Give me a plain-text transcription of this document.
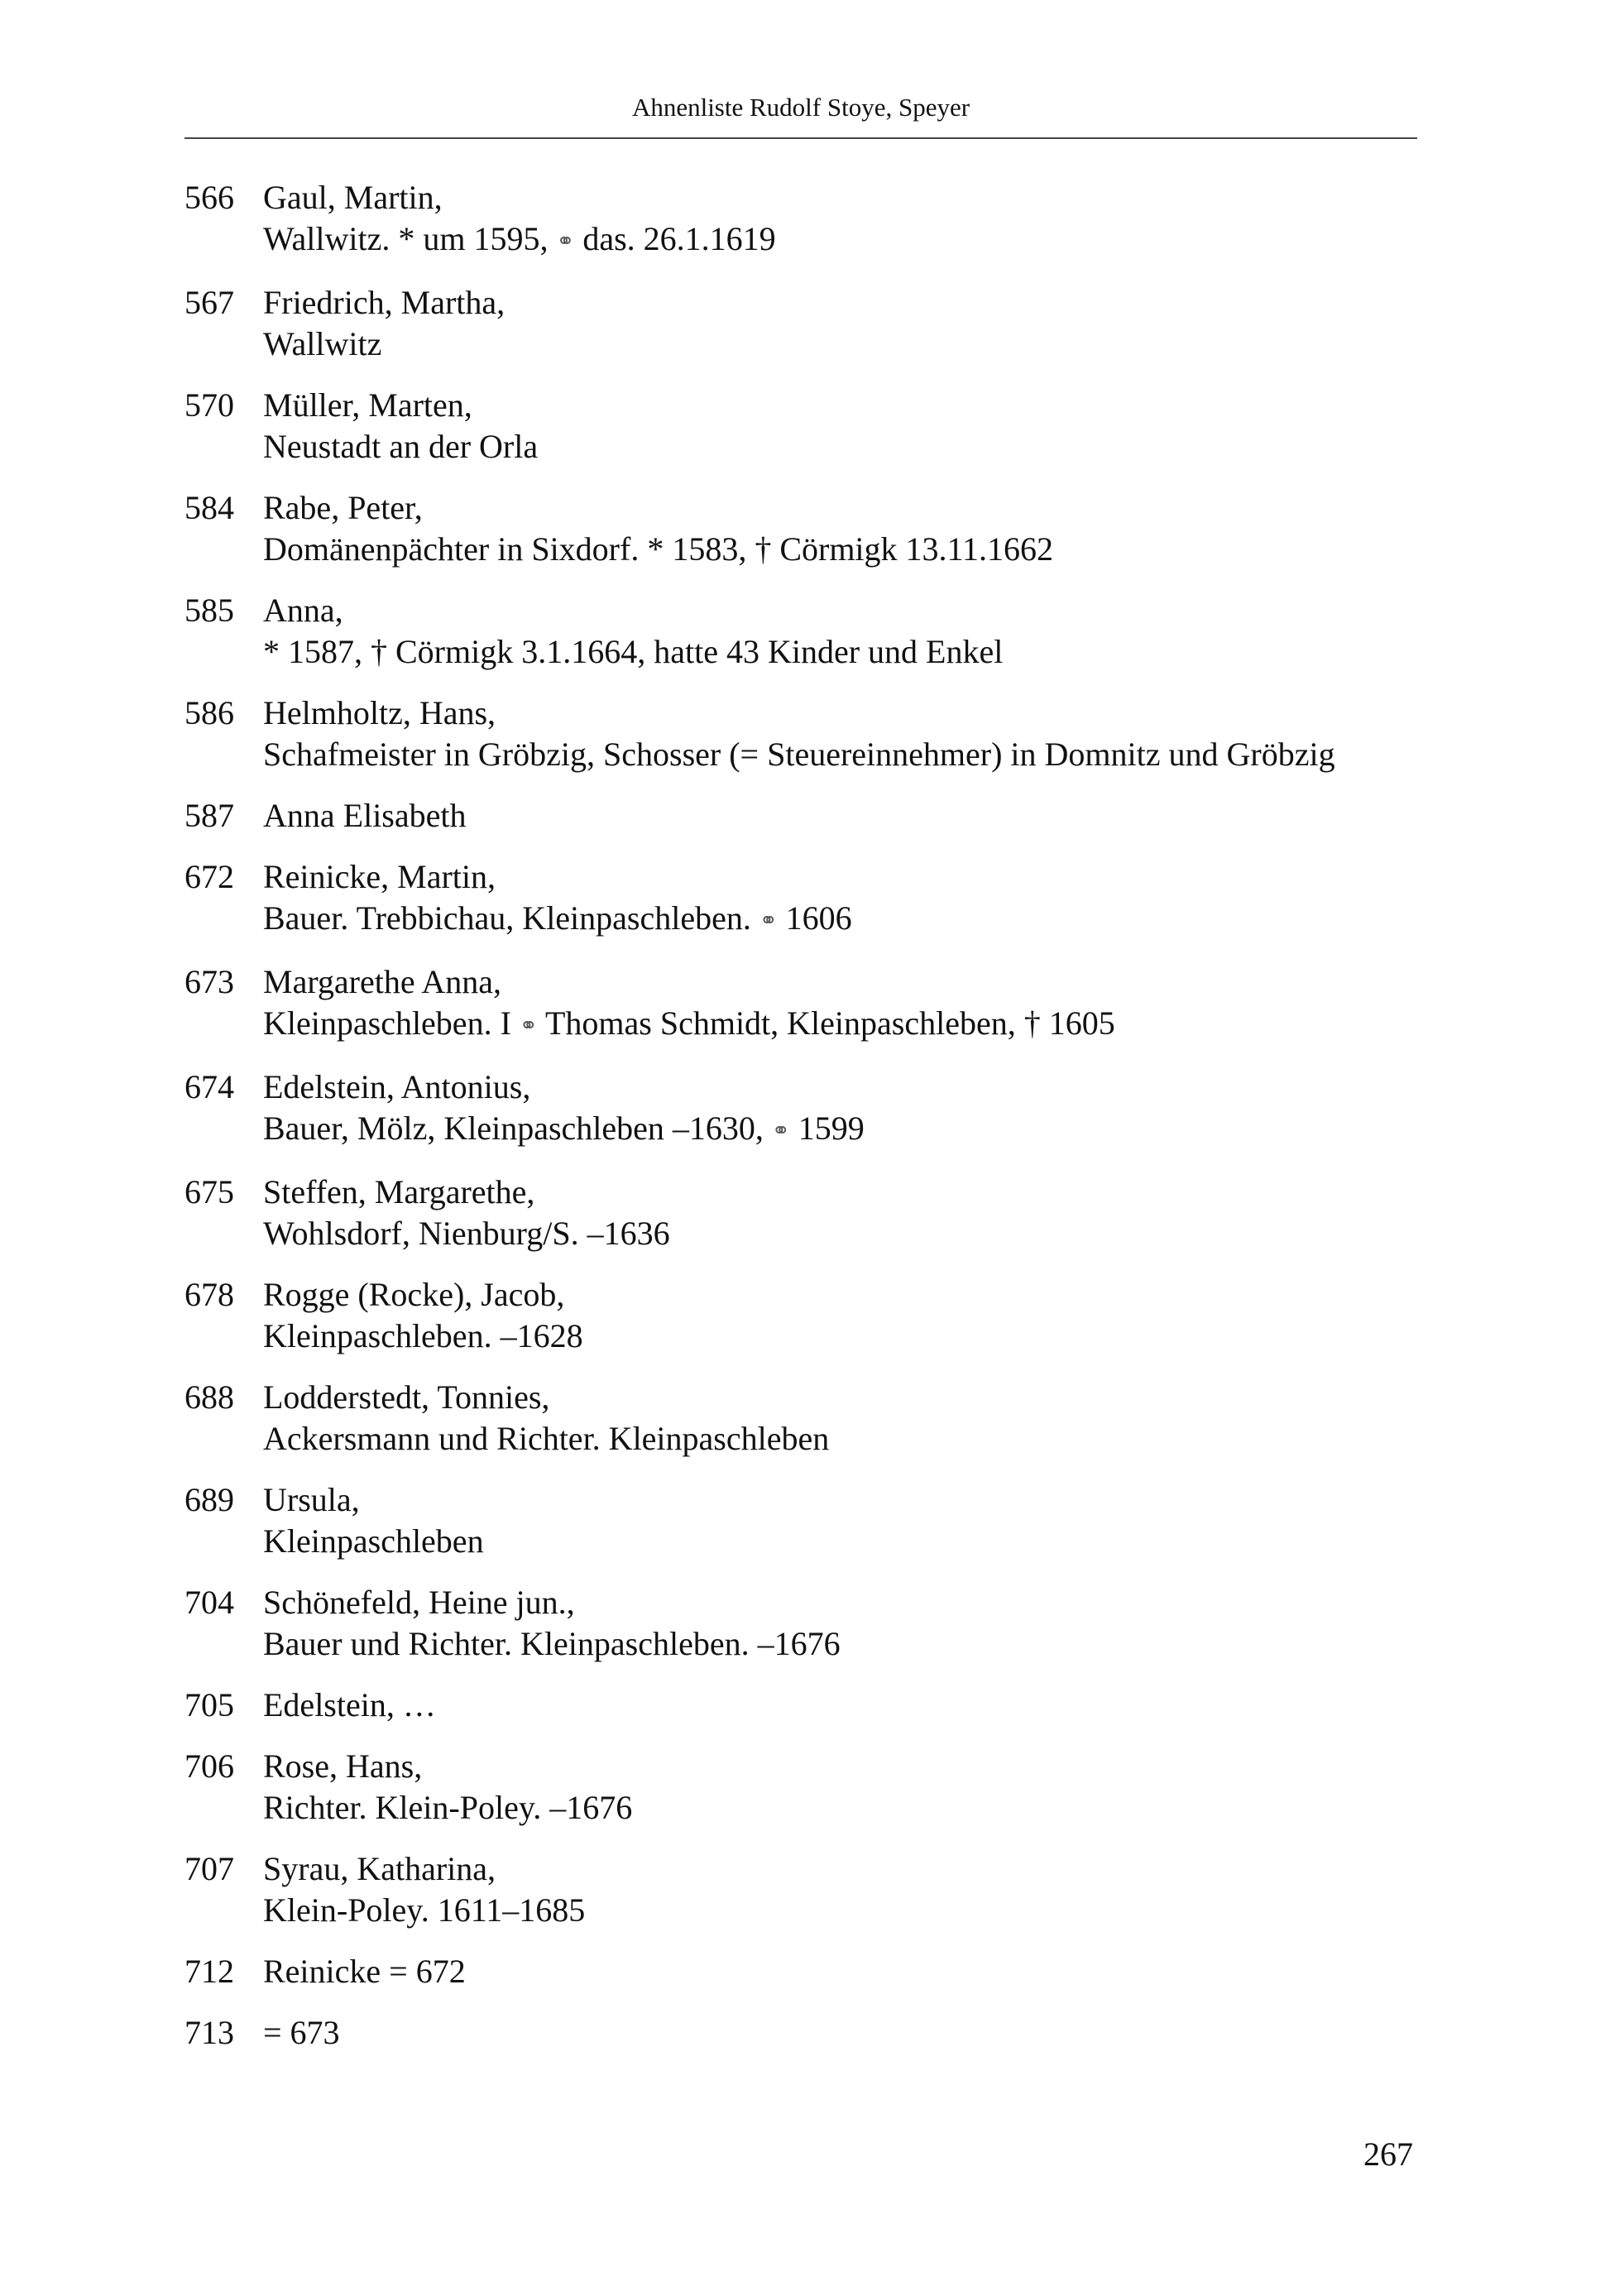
Ahnenliste Rudolf Stoye, Speyer
566 Gaul, Martin,
Wallwitz. * um 1595, ⚭ das. 26.1.1619
567 Friedrich, Martha,
Wallwitz
570 Müller, Marten,
Neustadt an der Orla
584 Rabe, Peter,
Domänenpächter in Sixdorf. * 1583, † Cörmigk 13.11.1662
585 Anna,
* 1587, † Cörmigk 3.1.1664, hatte 43 Kinder und Enkel
586 Helmholtz, Hans,
Schafmeister in Gröbzig, Schosser (= Steuereinnehmer) in Domnitz und Gröbzig
587 Anna Elisabeth
672 Reinicke, Martin,
Bauer. Trebbichau, Kleinpaschleben. ⚭ 1606
673 Margarethe Anna,
Kleinpaschleben. I ⚭ Thomas Schmidt, Kleinpaschleben, † 1605
674 Edelstein, Antonius,
Bauer, Mölz, Kleinpaschleben –1630, ⚭ 1599
675 Steffen, Margarethe,
Wohlsdorf, Nienburg/S. –1636
678 Rogge (Rocke), Jacob,
Kleinpaschleben. –1628
688 Lodderstedt, Tonnies,
Ackersmann und Richter. Kleinpaschleben
689 Ursula,
Kleinpaschleben
704 Schönefeld, Heine jun.,
Bauer und Richter. Kleinpaschleben. –1676
705 Edelstein, …
706 Rose, Hans,
Richter. Klein-Poley. –1676
707 Syrau, Katharina,
Klein-Poley. 1611–1685
712 Reinicke = 672
713 = 673
267
